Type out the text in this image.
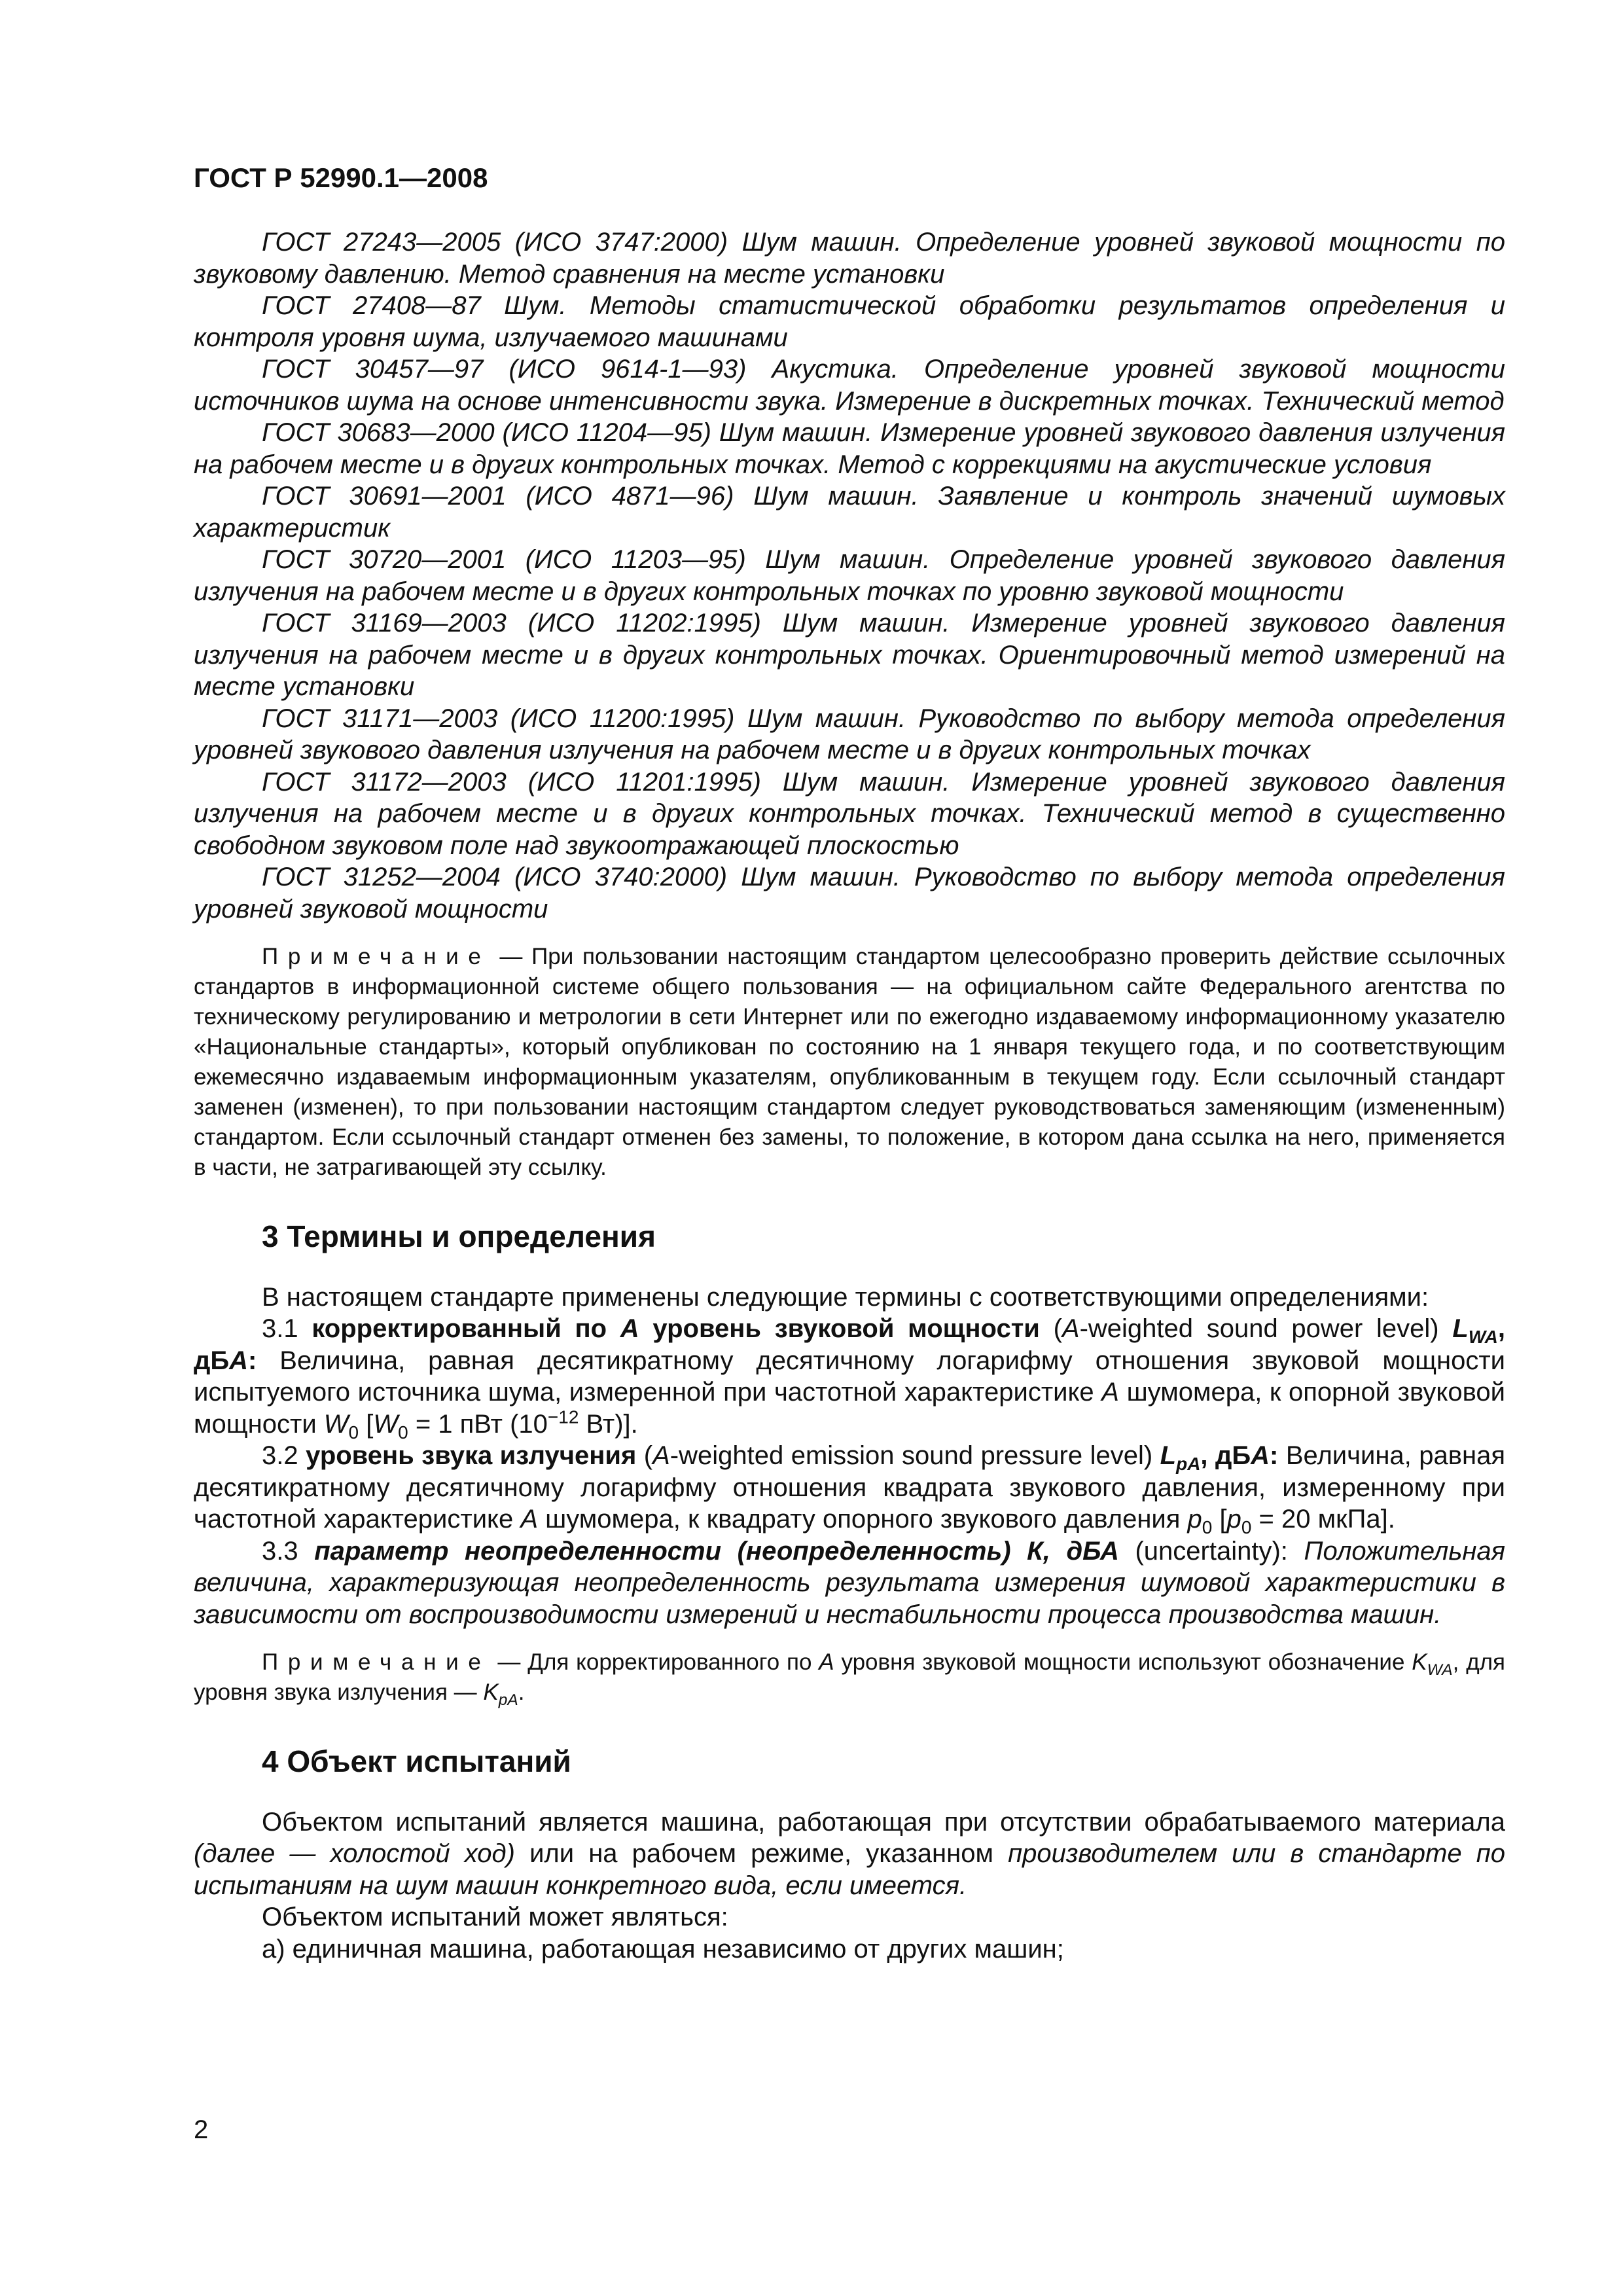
ГОСТ Р 52990.1—2008

ГОСТ 27243—2005 (ИСО 3747:2000) Шум машин. Определение уровней звуковой мощности по звуковому давлению. Метод сравнения на месте установки

ГОСТ 27408—87 Шум. Методы статистической обработки результатов определения и контроля уровня шума, излучаемого машинами

ГОСТ 30457—97 (ИСО 9614-1—93) Акустика. Определение уровней звуковой мощности источников шума на основе интенсивности звука. Измерение в дискретных точках. Технический метод

ГОСТ 30683—2000 (ИСО 11204—95) Шум машин. Измерение уровней звукового давления излучения на рабочем месте и в других контрольных точках. Метод с коррекциями на акустические условия

ГОСТ 30691—2001 (ИСО 4871—96) Шум машин. Заявление и контроль значений шумовых характеристик

ГОСТ 30720—2001 (ИСО 11203—95) Шум машин. Определение уровней звукового давления излучения на рабочем месте и в других контрольных точках по уровню звуковой мощности

ГОСТ 31169—2003 (ИСО 11202:1995) Шум машин. Измерение уровней звукового давления излучения на рабочем месте и в других контрольных точках. Ориентировочный метод измерений на месте установки

ГОСТ 31171—2003 (ИСО 11200:1995) Шум машин. Руководство по выбору метода определения уровней звукового давления излучения на рабочем месте и в других контрольных точках

ГОСТ 31172—2003 (ИСО 11201:1995) Шум машин. Измерение уровней звукового давления излучения на рабочем месте и в других контрольных точках. Технический метод в существенно свободном звуковом поле над звукоотражающей плоскостью

ГОСТ 31252—2004 (ИСО 3740:2000) Шум машин. Руководство по выбору метода определения уровней звуковой мощности

Примечание — При пользовании настоящим стандартом целесообразно проверить действие ссылочных стандартов в информационной системе общего пользования — на официальном сайте Федерального агентства по техническому регулированию и метрологии в сети Интернет или по ежегодно издаваемому информационному указателю «Национальные стандарты», который опубликован по состоянию на 1 января текущего года, и по соответствующим ежемесячно издаваемым информационным указателям, опубликованным в текущем году. Если ссылочный стандарт заменен (изменен), то при пользовании настоящим стандартом следует руководствоваться заменяющим (измененным) стандартом. Если ссылочный стандарт отменен без замены, то положение, в котором дана ссылка на него, применяется в части, не затрагивающей эту ссылку.

3 Термины и определения

В настоящем стандарте применены следующие термины с соответствующими определениями:

3.1 корректированный по А уровень звуковой мощности (A-weighted sound power level) $L_{WA}$, дБА: Величина, равная десятикратному десятичному логарифму отношения звуковой мощности испытуемого источника шума, измеренной при частотной характеристике А шумомера, к опорной звуковой мощности $W_0$ [$W_0 = 1$ пВт ($10^{-12}$ Вт)].

3.2 уровень звука излучения (A-weighted emission sound pressure level) $L_{pA}$, дБА: Величина, равная десятикратному десятичному логарифму отношения квадрата звукового давления, измеренному при частотной характеристике А шумомера, к квадрату опорного звукового давления $p_0$ [$p_0 = 20$ мкПа].

3.3 параметр неопределенности (неопределенность) К, дБА (uncertainty): Положительная величина, характеризующая неопределенность результата измерения шумовой характеристики в зависимости от воспроизводимости измерений и нестабильности процесса производства машин.

Примечание — Для корректированного по А уровня звуковой мощности используют обозначение $K_{WA}$, для уровня звука излучения — $K_{pA}$.

4 Объект испытаний

Объектом испытаний является машина, работающая при отсутствии обрабатываемого материала (далее — холостой ход) или на рабочем режиме, указанном производителем или в стандарте по испытаниям на шум машин конкретного вида, если имеется.

Объектом испытаний может являться:

а) единичная машина, работающая независимо от других машин;

2
